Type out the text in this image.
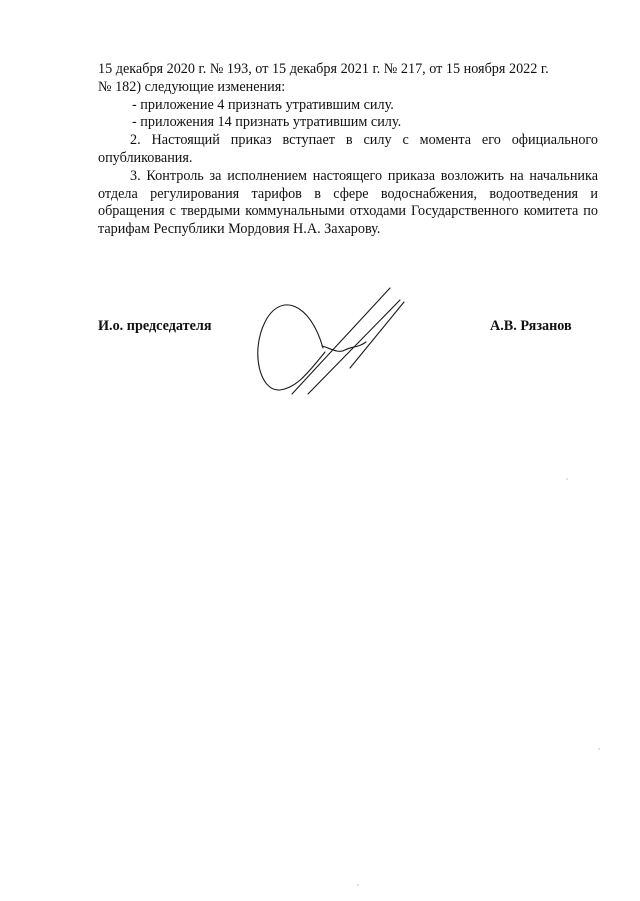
15 декабря 2020 г. № 193, от 15 декабря 2021 г. № 217, от 15 ноября 2022 г.
№ 182) следующие изменения:

- приложение 4 признать утратившим силу.

- приложения 14 признать утратившим силу.

2. Настоящий приказ вступает в силу с момента его официального опубликования.

3. Контроль за исполнением настоящего приказа возложить на начальника отдела регулирования тарифов в сфере водоснабжения, водоотведения и обращения с твердыми коммунальными отходами Государственного комитета по тарифам Республики Мордовия Н.А. Захарову.

И.о. председателя	А.В. Рязанов
